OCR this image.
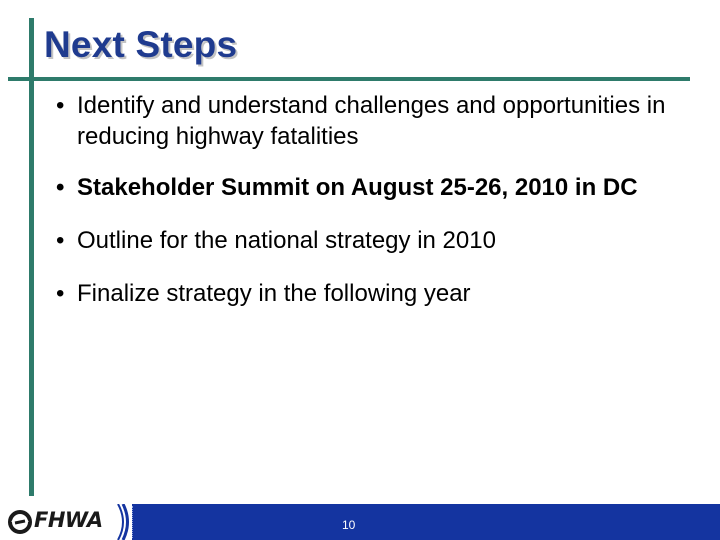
Next Steps
• Identify and understand challenges and opportunities in reducing highway fatalities
• Stakeholder Summit on August 25-26, 2010 in DC
• Outline for the national strategy in 2010
• Finalize strategy in the following year
FHWA	10
